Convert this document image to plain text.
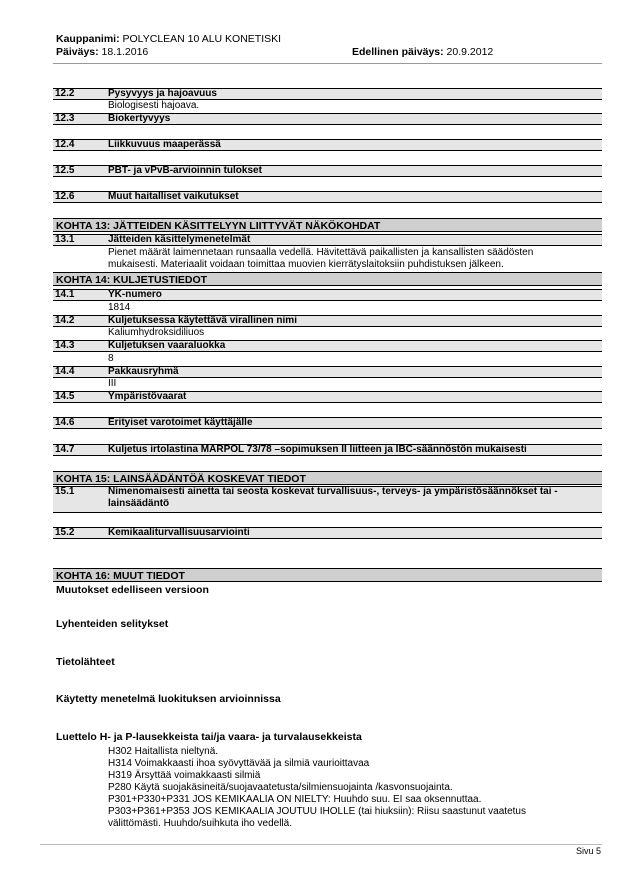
Kauppanimi: POLYCLEAN 10 ALU KONETISKI
Päiväys: 18.1.2016	Edellinen päiväys: 20.9.2012
12.2	Pysyvyys ja hajoavuus
Biologisesti hajoava.
12.3	Biokertyvyys
12.4	Liikkuvuus maaperässä
12.5	PBT- ja vPvB-arvioinnin tulokset
12.6	Muut haitalliset vaikutukset
KOHTA 13: JÄTTEIDEN KÄSITTELYYN LIITTYVÄT NÄKÖKOHDAT
13.1	Jätteiden käsittelymenetelmät
Pienet määrät laimennetaan runsaalla vedellä. Hävitettävä paikallisten ja kansallisten säädösten
mukaisesti. Materiaalit voidaan toimittaa muovien kierrätyslaitoksiin puhdistuksen jälkeen.
KOHTA 14: KULJETUSTIEDOT
14.1	YK-numero
1814
14.2	Kuljetuksessa käytettävä virallinen nimi
Kaliumhydroksidiliuos
14.3	Kuljetuksen vaaraluokka
8
14.4	Pakkausryhmä
III
14.5	Ympäristövaarat
14.6	Erityiset varotoimet käyttäjälle
14.7	Kuljetus irtolastina MARPOL 73/78 –sopimuksen II liitteen ja IBC-säännöstön mukaisesti
KOHTA 15: LAINSÄÄDÄNTÖÄ KOSKEVAT TIEDOT
15.1	Nimenomaisesti ainetta tai seosta koskevat turvallisuus-, terveys- ja ympäristösäännökset tai -
lainsäädäntö
15.2	Kemikaaliturvallisuusarviointi
KOHTA 16: MUUT TIEDOT
Muutokset edelliseen versioon
Lyhenteiden selitykset
Tietolähteet
Käytetty menetelmä luokituksen arvioinnissa
Luettelo H- ja P-lausekkeista tai/ja vaara- ja turvalausekkeista
H302 Haitallista nieltynä.
H314 Voimakkaasti ihoa syövyttävää ja silmiä vaurioittavaa
H319 Ärsyttää voimakkaasti silmiä
P280 Käytä suojakäsineitä/suojavaatetusta/silmiensuojainta /kasvonsuojainta.
P301+P330+P331 JOS KEMIKAALIA ON NIELTY: Huuhdo suu. EI saa oksennuttaa.
P303+P361+P353 JOS KEMIKAALIA JOUTUU IHOLLE (tai hiuksiin): Riisu saastunut vaatetus
välittömästi. Huuhdo/suihkuta iho vedellä.
Sivu 5
